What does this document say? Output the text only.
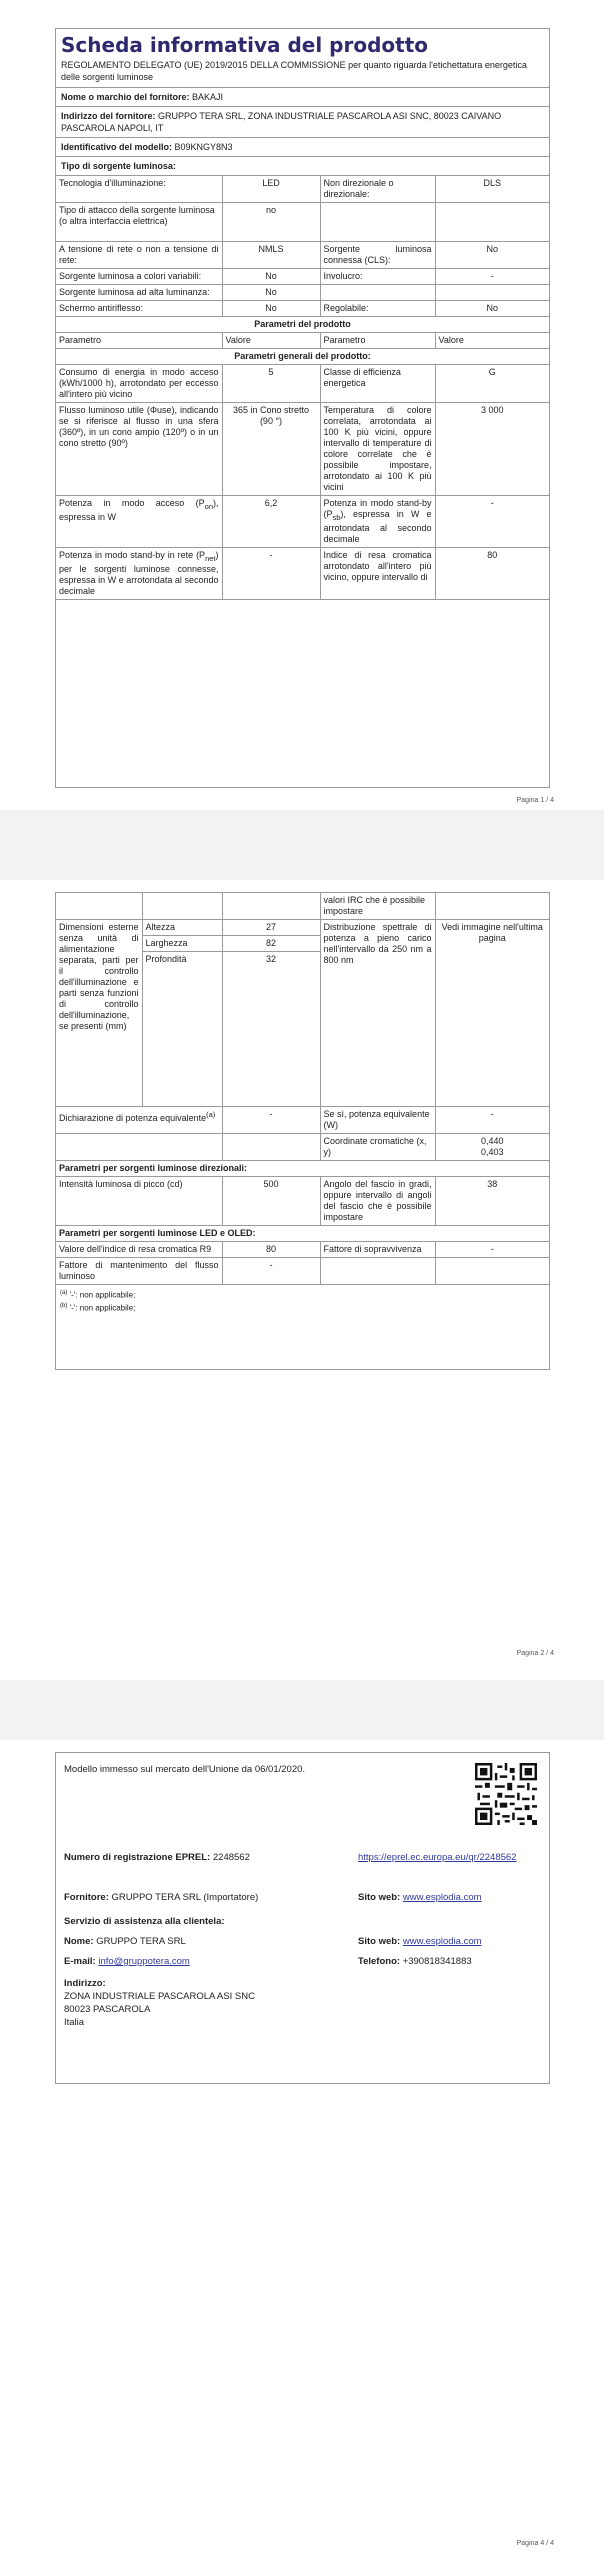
Scheda informativa del prodotto
REGOLAMENTO DELEGATO (UE) 2019/2015 DELLA COMMISSIONE per quanto riguarda l'etichettatura energetica delle sorgenti luminose
Nome o marchio del fornitore: BAKAJI
Indirizzo del fornitore: GRUPPO TERA SRL, ZONA INDUSTRIALE PASCAROLA ASI SNC, 80023 CAIVANO PASCAROLA NAPOLI, IT
Identificativo del modello: B09KNGY8N3
Tipo di sorgente luminosa:
Tecnologia d'illuminazione:	LED	Non direzionale o direzionale:	DLS
Tipo di attacco della sorgente luminosa
(o altra interfaccia elettrica)	no		
A tensione di rete o non a tensione di rete:	NMLS	Sorgente luminosa connessa (CLS):	No
Sorgente luminosa a colori variabili:	No	Involucro:	-
Sorgente luminosa ad alta luminanza:	No		
Schermo antiriflesso:	No	Regolabile:	No
Parametri del prodotto			
Parametro	Valore	Parametro	Valore
Parametri generali del prodotto:			
Consumo di energia in modo acceso (kWh/1000 h), arrotondato per eccesso all'intero più vicino	5	Classe di efficienza energetica	G
Flusso luminoso utile (Φuse), indicando se si riferisce al flusso in una sfera (360º), in un cono ampio (120º) o in un cono stretto (90º)	365 in Cono stretto (90 °)	Temperatura di colore correlata, arrotondata ai 100 K più vicini, oppure intervallo di temperature di colore correlate che è possibile impostare, arrotondato ai 100 K più vicini	3 000
Potenza in modo acceso $(P_{on})$, espressa in W	6,2	Potenza in modo stand-by $(P_{sb})$, espressa in W e arrotondata al secondo decimale	-
Potenza in modo stand-by in rete $(P_{net})$ per le sorgenti luminose connesse, espressa in W e arrotondata al secondo decimale	-	Indice di resa cromatica arrotondato all'intero più vicino, oppure intervallo di	80
Pagina 1 / 4
			valori IRC che è possibile impostare	
Dimensioni esterne senza unità di alimentazione separata, parti per il controllo dell'illuminazione e parti senza funzioni di controllo dell'illuminazione, se presenti (mm)	Altezza	27	Distribuzione spettrale di potenza a pieno carico nell'intervallo da 250 nm a 800 nm	Vedi immagine nell'ultima pagina
	Larghezza	82		
	Profondità	32		
Dichiarazione di potenza equivalente$^{(a)}$		-	Se sì, potenza equivalente (W)	-
			Coordinate cromatiche (x, y)	0,440
0,403

Parametri per sorgenti luminose direzionali:				
Intensità luminosa di picco (cd)		500	Angolo del fascio in gradi, oppure intervallo di angoli del fascio che è possibile impostare	38
Parametri per sorgenti luminose LED e OLED:				
Valore dell'indice di resa cromatica R9		80	Fattore di sopravvivenza	-
Fattore di mantenimento del flusso luminoso		-		
$^{(a)}$ '-': non applicabile;
$^{(b)}$ '-': non applicabile;
Pagina 2 / 4
Modello immesso sul mercato dell'Unione da 06/01/2020.
Numero di registrazione EPREL: 2248562	https://eprel.ec.europa.eu/qr/2248562
Fornitore: GRUPPO TERA SRL (Importatore)	Sito web: www.esplodia.com
Servizio di assistenza alla clientela:
Nome: GRUPPO TERA SRL	Sito web: www.esplodia.com
E-mail: info@gruppotera.com	Telefono: +390818341883
Indirizzo:
ZONA INDUSTRIALE PASCAROLA ASI SNC
80023 PASCAROLA
Italia
Pagina 4 / 4
